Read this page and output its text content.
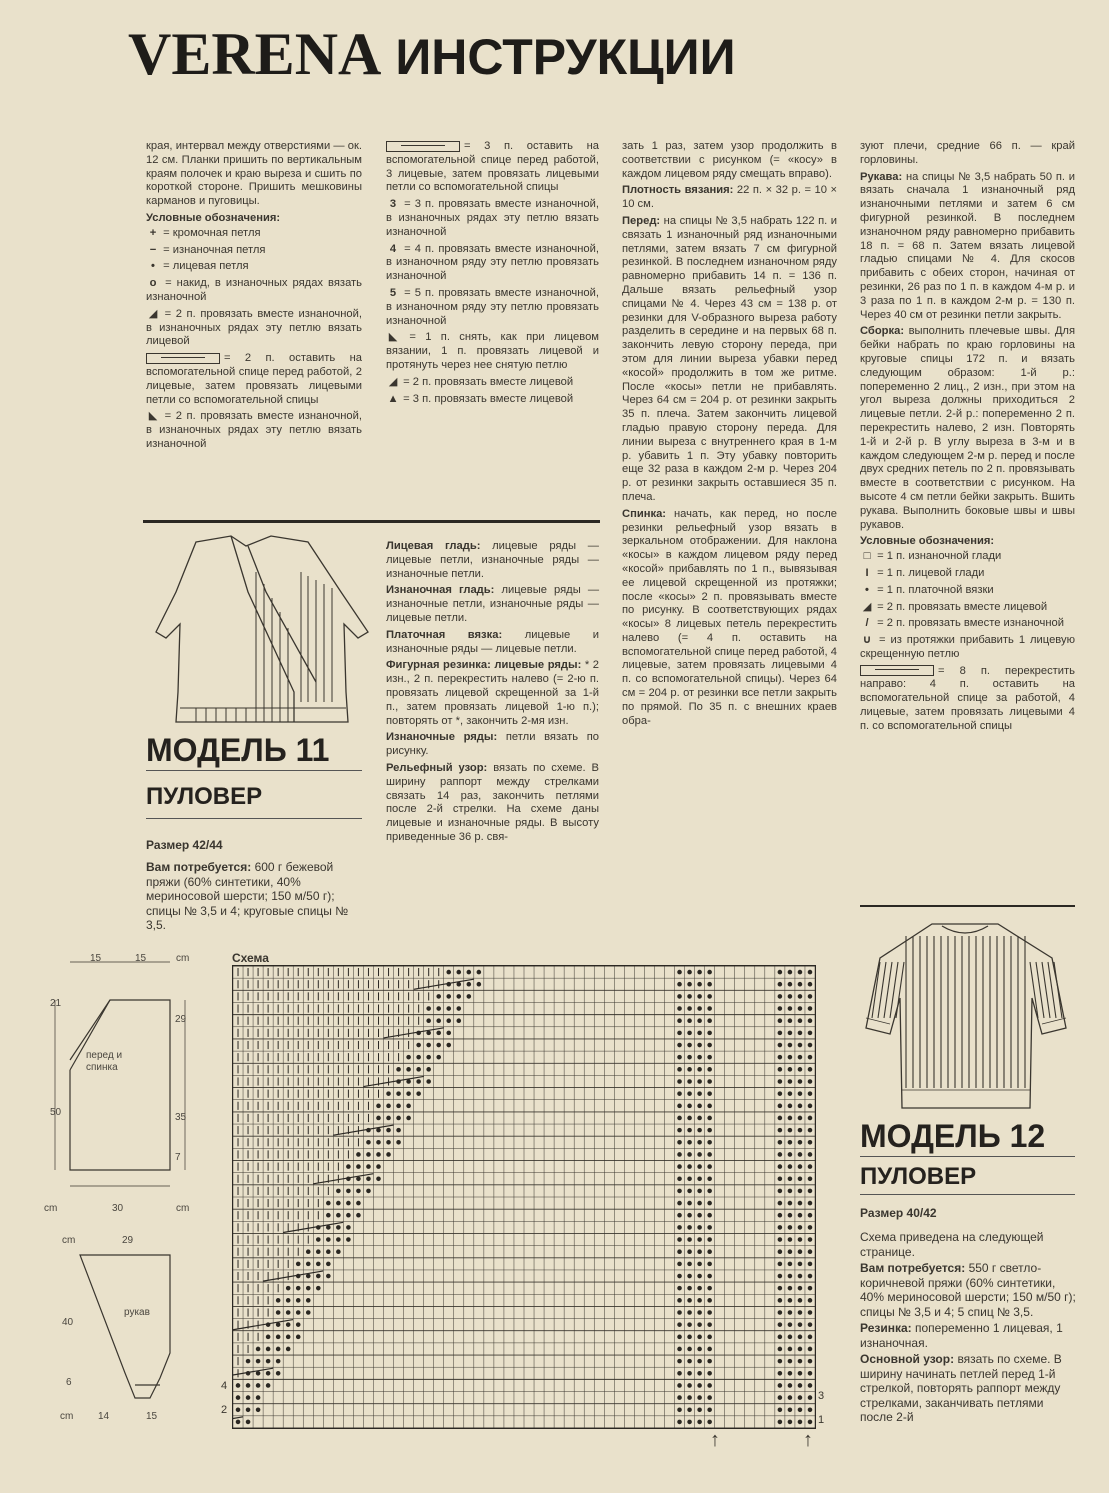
VERENA ИНСТРУКЦИИ

края, интервал между отверстиями — ок. 12 см. Планки пришить по вертикальным краям полочек и краю выреза и сшить по короткой стороне. Пришить мешковины карманов и пуговицы.

Условные обозначения:

+ = кромочная петля

− = изнаночная петля

• = лицевая петля

o = накид, в изнаночных рядах вязать изнаночной

◢ = 2 п. провязать вместе изнаночной, в изнаночных рядах эту петлю вязать лицевой

= 2 п. оставить на вспомогательной спице перед работой, 2 лицевые, затем провязать лицевыми петли со вспомогательной спицы

◣ = 2 п. провязать вместе изнаночной, в изнаночных рядах эту петлю вязать изнаночной

= 3 п. оставить на вспомогательной спице перед работой, 3 лицевые, затем провязать лицевыми петли со вспомогательной спицы

3 = 3 п. провязать вместе изнаночной, в изнаночных рядах эту петлю вязать изнаночной

4 = 4 п. провязать вместе изнаночной, в изнаночном ряду эту петлю провязать изнаночной

5 = 5 п. провязать вместе изнаночной, в изнаночном ряду эту петлю провязать изнаночной

◣ = 1 п. снять, как при лицевом вязании, 1 п. провязать лицевой и протянуть через нее снятую петлю

◢ = 2 п. провязать вместе лицевой

▲ = 3 п. провязать вместе лицевой

зать 1 раз, затем узор продолжить в соответствии с рисунком (= «косу» в каждом лицевом ряду смещать вправо).

Плотность вязания: 22 п. × 32 р. = 10 × 10 см.

Перед: на спицы № 3,5 набрать 122 п. и связать 1 изнаночный ряд изнаночными петлями, затем вязать 7 см фигурной резинкой. В последнем изнаночном ряду равномерно прибавить 14 п. = 136 п. Дальше вязать рельефный узор спицами № 4. Через 43 см = 138 р. от резинки для V-образного выреза работу разделить в середине и на первых 68 п. закончить левую сторону переда, при этом для линии выреза убавки перед «косой» продолжить в том же ритме. После «косы» петли не прибавлять. Через 64 см = 204 р. от резинки закрыть 35 п. плеча. Затем закончить лицевой гладью правую сторону переда. Для линии выреза с внутреннего края в 1-м р. убавить 1 п. Эту убавку повторить еще 32 раза в каждом 2-м р. Через 204 р. от резинки закрыть оставшиеся 35 п. плеча.

Спинка: начать, как перед, но после резинки рельефный узор вязать в зеркальном отображении. Для наклона «косы» в каждом лицевом ряду перед «косой» прибавлять по 1 п., вывязывая ее лицевой скрещенной из протяжки; после «косы» 2 п. провязывать вместе по рисунку. В соответствующих рядах «косы» 8 лицевых петель перекрестить налево (= 4 п. оставить на вспомогательной спице перед работой, 4 лицевые, затем провязать лицевыми 4 п. со вспомогательной спицы). Через 64 см = 204 р. от резинки все петли закрыть по прямой. По 35 п. с внешних краев обра-

зуют плечи, средние 66 п. — край горловины.

Рукава: на спицы № 3,5 набрать 50 п. и вязать сначала 1 изнаночный ряд изнаночными петлями и затем 6 см фигурной резинкой. В последнем изнаночном ряду равномерно прибавить 18 п. = 68 п. Затем вязать лицевой гладью спицами № 4. Для скосов прибавить с обеих сторон, начиная от резинки, 26 раз по 1 п. в каждом 4-м р. и 3 раза по 1 п. в каждом 2-м р. = 130 п. Через 40 см от резинки петли закрыть.

Сборка: выполнить плечевые швы. Для бейки набрать по краю горловины на круговые спицы 172 п. и вязать следующим образом: 1-й р.: попеременно 2 лиц., 2 изн., при этом на угол выреза должны приходиться 2 лицевые петли. 2-й р.: попеременно 2 п. перекрестить налево, 2 изн. Повторять 1-й и 2-й р. В углу выреза в 3-м и в каждом следующем 2-м р. перед и после двух средних петель по 2 п. провязывать вместе в соответствии с рисунком. На высоте 4 см петли бейки закрыть. Вшить рукава. Выполнить боковые швы и швы рукавов.

Условные обозначения:

□ = 1 п. изнаночной глади

I = 1 п. лицевой глади

• = 1 п. платочной вязки

◢ = 2 п. провязать вместе лицевой

/ = 2 п. провязать вместе изнаночной

∪ = из протяжки прибавить 1 лицевую скрещенную петлю

= 8 п. перекрестить направо: 4 п. оставить на вспомогательной спице за работой, 4 лицевые, затем провязать лицевыми 4 п. со вспомогательной спицы

МОДЕЛЬ 11
ПУЛОВЕР

Размер 42/44

Вам потребуется: 600 г бежевой пряжи (60% синтетики, 40% мериносовой шерсти; 150 м/50 г); спицы № 3,5 и 4; круговые спицы № 3,5.

Лицевая гладь: лицевые ряды — лицевые петли, изнаночные ряды — изнаночные петли.

Изнаночная гладь: лицевые ряды — изнаночные петли, изнаночные ряды — лицевые петли.

Платочная вязка: лицевые и изнаночные ряды — лицевые петли.

Фигурная резинка: лицевые ряды: * 2 изн., 2 п. перекрестить налево (= 2-ю п. провязать лицевой скрещенной за 1-й п., затем провязать лицевой 1-ю п.); повторять от *, закончить 2-мя изн.

Изнаночные ряды: петли вязать по рисунку.

Рельефный узор: вязать по схеме. В ширину раппорт между стрелками связать 14 раз, закончить петлями после 2-й стрелки. На схеме даны лицевые и изнаночные ряды. В высоту приведенные 36 р. свя-

15	15	cm
21
50
29
35
7
cm	30	cm
перед и спинка
cm	29
40
6
cm 14	15
рукав

Схема

4
2
3
1
↑	↑
МОДЕЛЬ 12
ПУЛОВЕР

Размер 40/42

Схема приведена на следующей странице.

Вам потребуется: 550 г светло-коричневой пряжи (60% синтетики, 40% мериносовой шерсти; 150 м/50 г); спицы № 3,5 и 4; 5 спиц № 3,5.

Резинка: попеременно 1 лицевая, 1 изнаночная.

Основной узор: вязать по схеме. В ширину начинать петлей перед 1-й стрелкой, повторять раппорт между стрелками, заканчивать петлями после 2-й
